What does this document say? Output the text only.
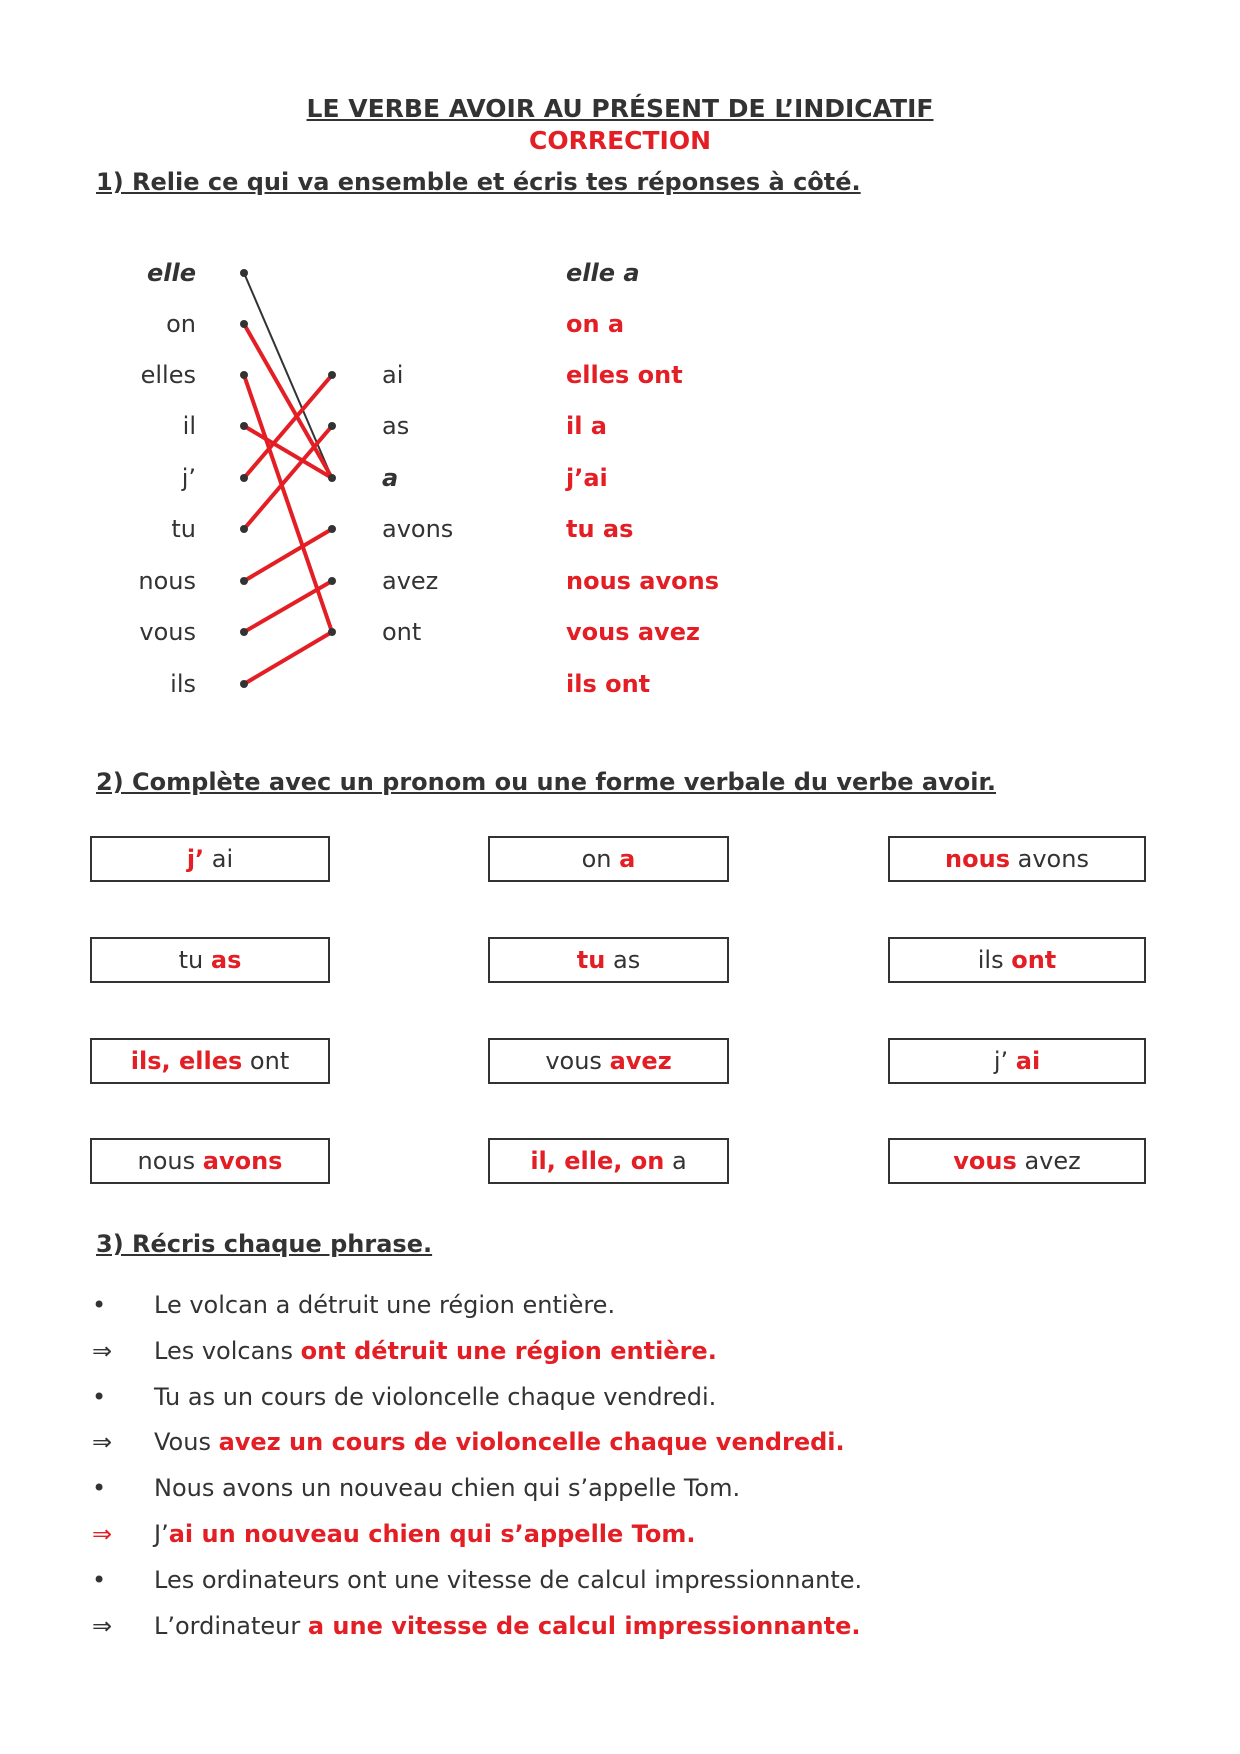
LE VERBE AVOIR AU PRÉSENT DE L’INDICATIF
CORRECTION
1) Relie ce qui va ensemble et écris tes réponses à côté.
elle
on
elles
il
j’
tu
nous
vous
ils
ai
as
a
avons
avez
ont
elle a
on a
elles ont
il a
j’ai
tu as
nous avons
vous avez
ils ont
2) Complète avec un pronom ou une forme verbale du verbe avoir.
j’ ai	on a	nous avons
tu as	tu as	ils ont
ils, elles ont	vous avez	j’ ai
nous avons	il, elle, on a	vous avez
3) Récris chaque phrase.
•	Le volcan a détruit une région entière.
⇒	Les volcans ont détruit une région entière.
•	Tu as un cours de violoncelle chaque vendredi.
⇒	Vous avez un cours de violoncelle chaque vendredi.
•	Nous avons un nouveau chien qui s’appelle Tom.
⇒	J’ai un nouveau chien qui s’appelle Tom.
•	Les ordinateurs ont une vitesse de calcul impressionnante.
⇒	L’ordinateur a une vitesse de calcul impressionnante.
